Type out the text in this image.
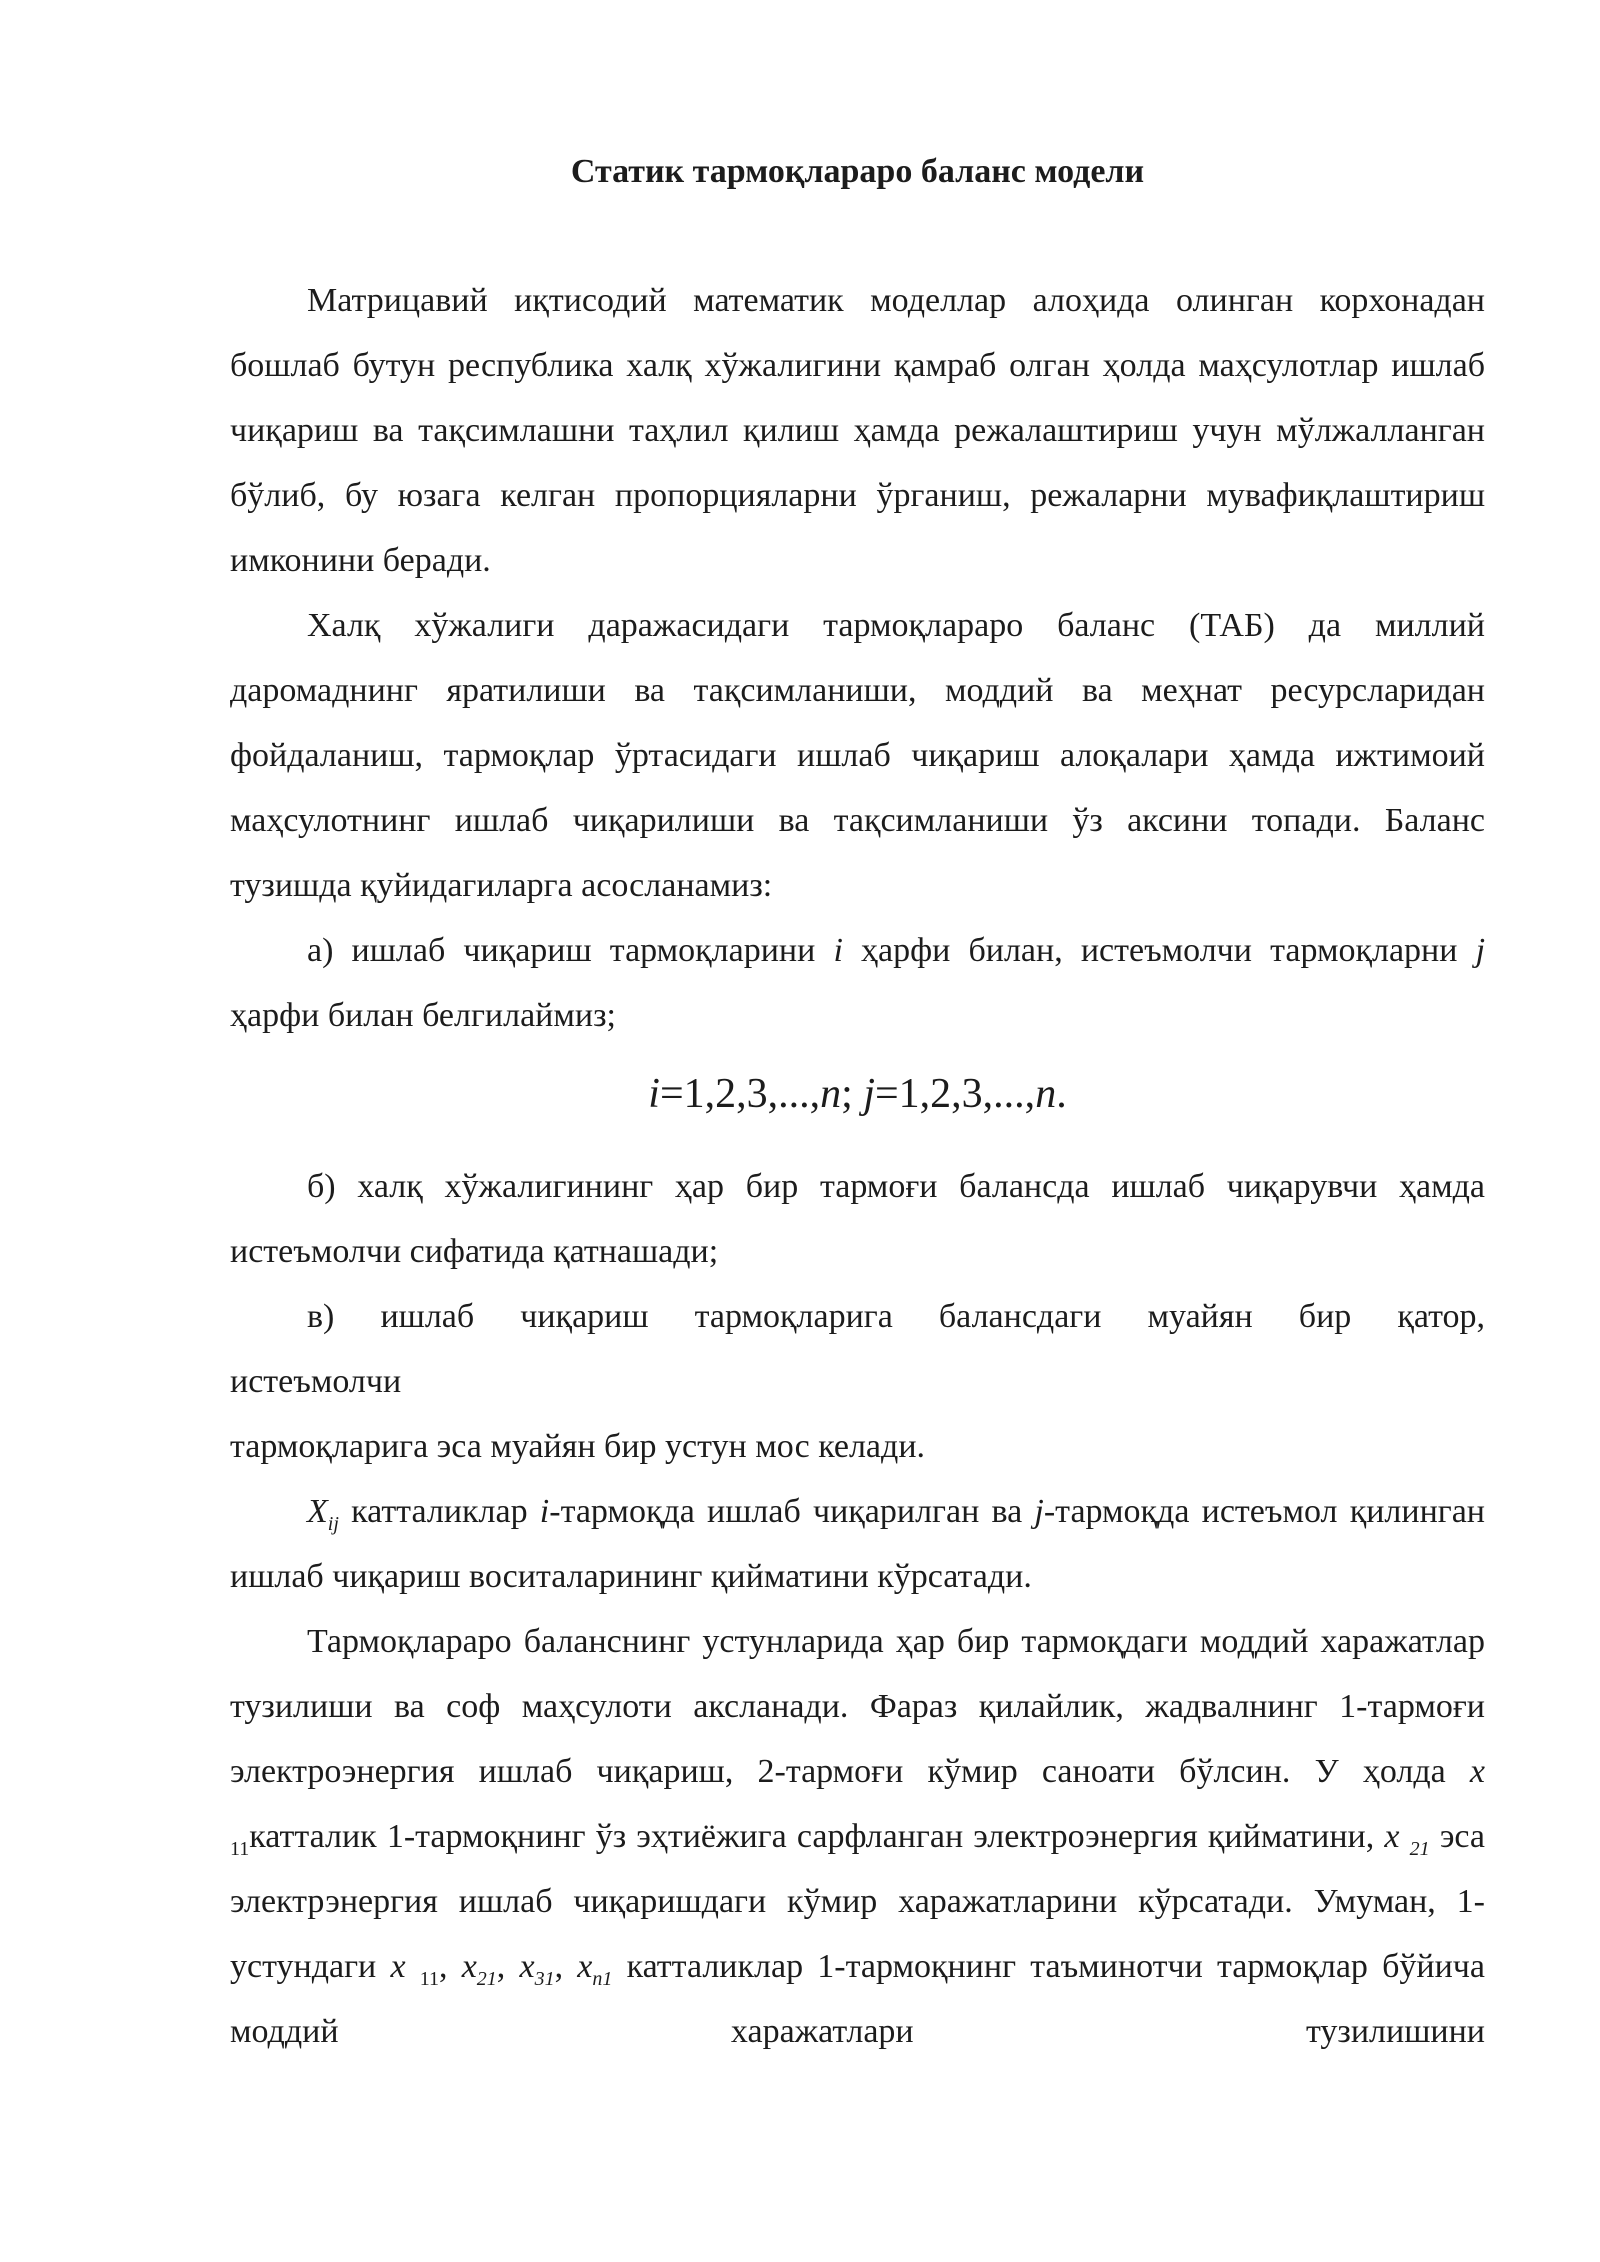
Статик тармоқлараро баланс модели

Матрицавий иқтисодий математик моделлар алоҳида олинган корхонадан бошлаб бутун республика халқ хўжалигини қамраб олган ҳолда маҳсулотлар ишлаб чиқариш ва тақсимлашни таҳлил қилиш ҳамда режалаштириш учун мўлжалланган бўлиб, бу юзага келган пропорцияларни ўрганиш, режаларни мувафиқлаштириш имконини беради.

Халқ хўжалиги даражасидаги тармоқлараро баланс (ТАБ) да миллий даромаднинг яратилиши ва тақсимланиши, моддий ва меҳнат ресурсларидан фойдаланиш, тармоқлар ўртасидаги ишлаб чиқариш алоқалари ҳамда ижтимоий маҳсулотнинг ишлаб чиқарилиши ва тақсимланиши ўз аксини топади. Баланс тузишда қуйидагиларга асосланамиз:

а) ишлаб чиқариш тармоқларини i ҳарфи билан, истеъмолчи тармоқларни j ҳарфи билан белгилаймиз;

i=1,2,3,...,n; j=1,2,3,...,n.

б) халқ хўжалигининг ҳар бир тармоғи балансда ишлаб чиқарувчи ҳамда истеъмолчи сифатида қатнашади;

в) ишлаб чиқариш тармоқларига балансдаги муайян бир қатор,
истеъмолчи
тармоқларига эса муайян бир устун мос келади.

$X_{ij}$ катталиклар i-тармоқда ишлаб чиқарилган ва j-тармоқда истеъмол қилинган ишлаб чиқариш воситаларининг қийматини кўрсатади.

Тармоқлараро баланснинг устунларида ҳар бир тармоқдаги моддий харажатлар тузилиши ва соф маҳсулоти аксланади. Фараз қилайлик, жадвалнинг 1-тармоғи электроэнергия ишлаб чиқариш, 2-тармоғи кўмир саноати бўлсин. У ҳолда x $_{11}$катталик 1-тармоқнинг ўз эҳтиёжига сарфланган электроэнергия қийматини, x $_{21}$ эса электрэнергия ишлаб чиқаришдаги кўмир харажатларини кўрсатади. Умуман, 1-устундаги x $_{11}$, $x_{21}$, $x_{31}$, $x_{n1}$ катталиклар 1-тармоқнинг таъминотчи тармоқлар бўйича моддий харажатлари тузилишини
